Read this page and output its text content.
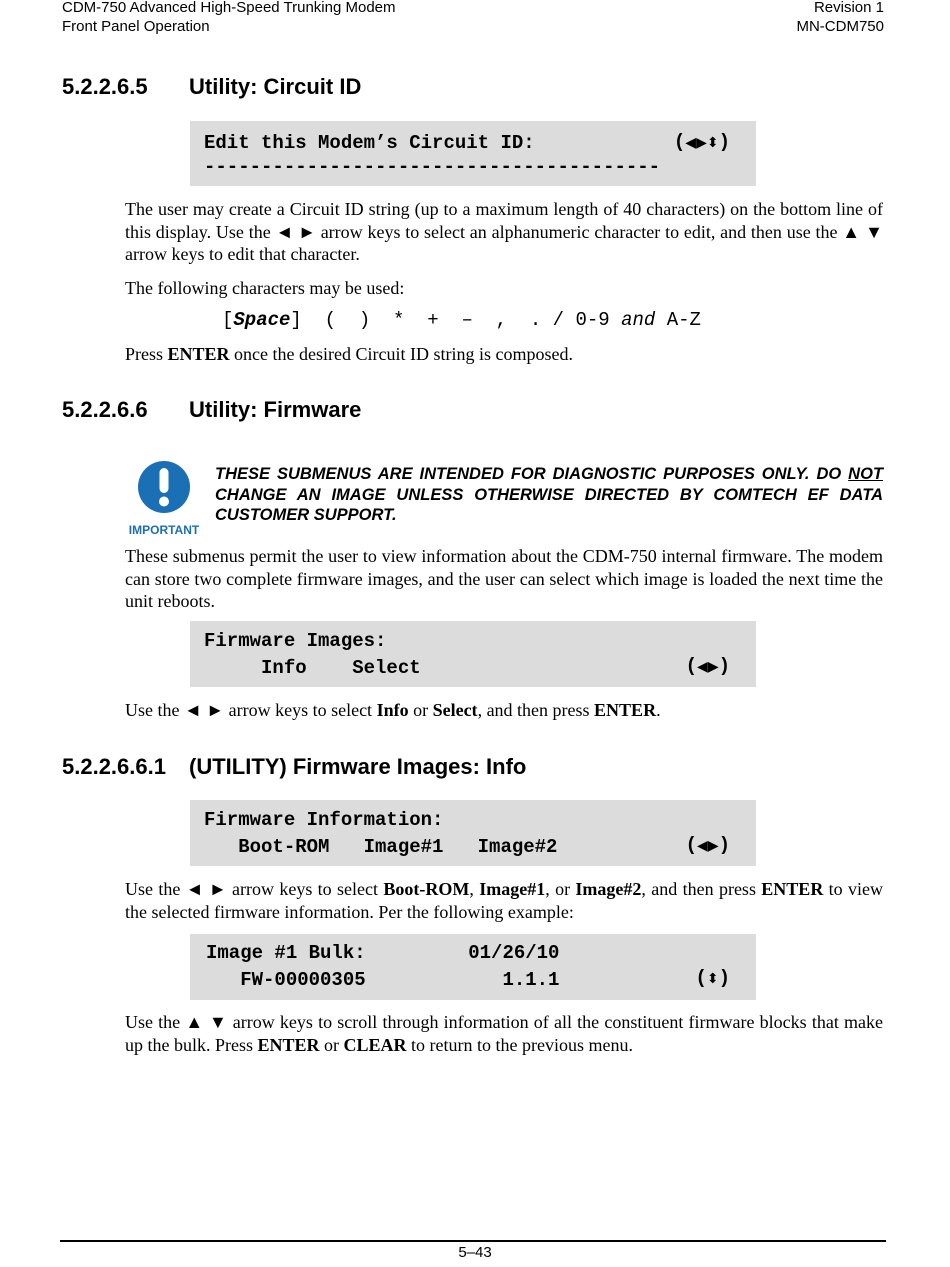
CDM-750 Advanced High-Speed Trunking Modem
Front Panel Operation
Revision 1
MN-CDM750
5.2.2.6.5 Utility: Circuit ID
Edit this Modem’s Circuit ID:
----------------------------------------
(◀▶⬍)
The user may create a Circuit ID string (up to a maximum length of 40 characters) on the bottom line of this display. Use the ◄ ► arrow keys to select an alphanumeric character to edit, and then use the ▲ ▼ arrow keys to edit that character.
The following characters may be used:
[Space]  (  )  *  +  –  ,  . / 0-9 and A-Z
Press ENTER once the desired Circuit ID string is composed.
5.2.2.6.6 Utility: Firmware
IMPORTANT
THESE SUBMENUS ARE INTENDED FOR DIAGNOSTIC PURPOSES ONLY. DO NOT CHANGE AN IMAGE UNLESS OTHERWISE DIRECTED BY COMTECH EF DATA CUSTOMER SUPPORT.
These submenus permit the user to view information about the CDM-750 internal firmware. The modem can store two complete firmware images, and the user can select which image is loaded the next time the unit reboots.
Firmware Images:
Info    Select	(◀▶)
Use the ◄ ► arrow keys to select Info or Select, and then press ENTER.
5.2.2.6.6.1 (UTILITY) Firmware Images: Info
Firmware Information:
Boot-ROM   Image#1   Image#2	(◀▶)
Use the ◄ ► arrow keys to select Boot-ROM, Image#1, or Image#2, and then press ENTER to view the selected firmware information. Per the following example:
Image #1 Bulk:         01/26/10
FW-00000305            1.1.1	(⬍)
Use the ▲ ▼ arrow keys to scroll through information of all the constituent firmware blocks that make up the bulk. Press ENTER or CLEAR to return to the previous menu.
5–43
